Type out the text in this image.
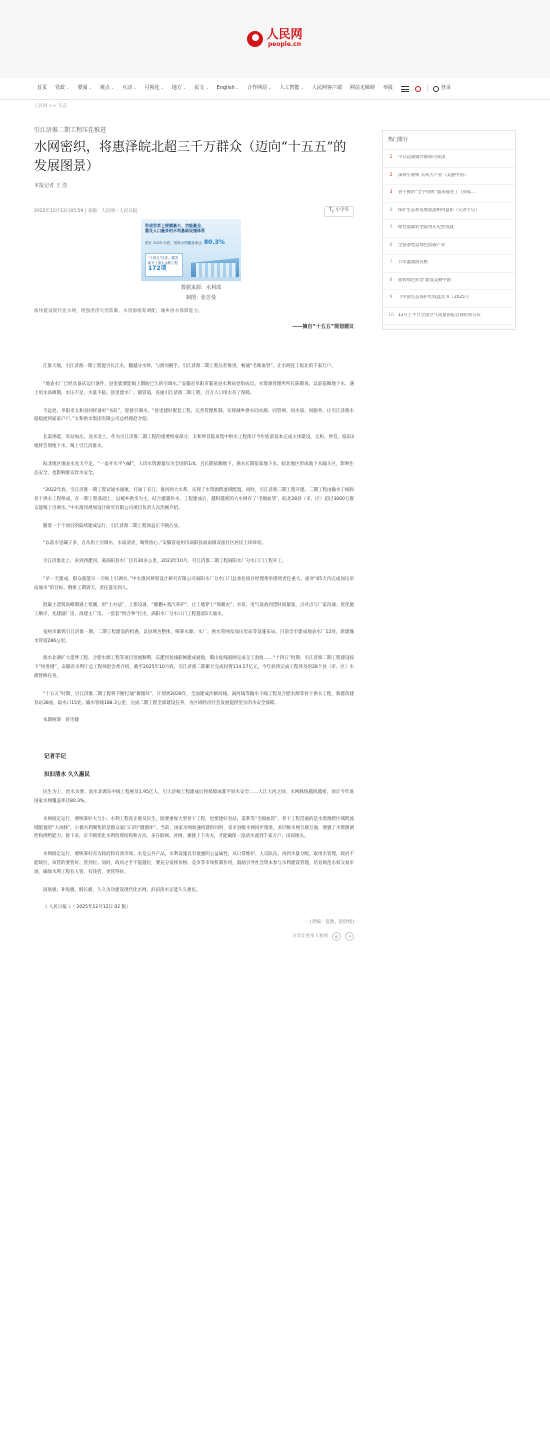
人民网
people.cn
首页	党政⌄	要闻⌄	观点⌄	互动⌄	可视化⌄	地方⌄	民文⌄	English⌄	合作网站⌄	人工智能⌄	人民网客户端	网站无障碍	举报	登录
人民网 >> 生态
引江济淮二期工程压茬推进
水网密织，将惠泽皖北超三千万群众（迈向“十五五”的发展图景）
本报记者 王 浩
2025年12月12日05:59 | 来源：人民网－人民日报	$T_T$ 小字号
形成世界上规模最大、功能最全、惠及人口最多的水利基础设施体系
预计 2025 年底，国家水网覆盖率达 80.3%
“十四五”以来，我国新开工重大水利工程
172项
数据来源：水利部
制图：张芳曼
加快建设现代化水网，增强洪涝灾害防御、水资源统筹调配、城乡供水保障能力。
——摘自“十五五”规划建议

江淮大地，引江济淮一期工程提引长江水，翻越分水岭，与淮河握手。引江济淮二期工程压茬推进，畅通“毛细血管”，让水网连上皖北的千家万户。

“地表水厂已经具备试运行条件，县里就要能喝上期盼已久的引调水。”安徽省阜阳市临泉县水利局党组成员、水资源管理所所长陈敬说。以前依赖地下水，遇上用水高峰期，水压不足、水量不稳。县里建水厂、铺管道，连通引江济淮二期工程，百万人口用水有了保障。

不远处，阜阳市太和县同样备好“水缸”，迎接引调水。“县里建好配套工程，完善管理机制，实现城乡供水同水源、同管网、同水质、同服务，让引江济淮水稳稳流到家家户户。”太和供水集团有限公司总经理赵介绍。

长渠绵延，泵站加压，送水北上。作为引江济淮二期工程的重要组成部分，太和界首临泉集中供水工程预计今年底前基本完成主体建设，太和、界首、临泉3地将告别地下水，喝上引江济淮水。

皖北地区地表水先天不足，“一壶开水半勺碱”，人均水资源量仅为全国的1/4。且长期依赖地下，供水长期依靠地下水，皖北地区形成地下水漏斗区，影响生态安全，也影响群众饮水安全。

“2022年底，引江济淮一期工程试通水通航，打通了长江、淮河两大水系，实现了水资源跨流域配置。同时，引江济淮二期工程开建。二期工程由输水干线和骨干供水工程组成，在一期工程基础上，以城乡供水为主，结合灌溉补水。工程建成后，越积越密的大水网有了‘毛细血管’，皖北28县（市、区）超过3000万群众能喝上引调水。”中水淮河规划设计研究有限公司项目负责人冯治刚介绍。

随着一个个项目的陆续建成运行，引江济淮二期工程效益正不断凸显。

“以前水里碱子多，自从用上引调水，水质清亮，喝得放心。”安徽省亳州市涡阳县涡南镇双庙社区居民王珍珍说。

引江济淮北上，来到西淝河，离涡阳县水厂还有30多公里。2023年10月，引江济淮二期工程涡阳水厂分水口门工程开工。

“早一天建成，群众就能早一天喝上引调水。”中水淮河规划设计研究有限公司涡阳水厂分水口门总承包项目经理黄举感到责任重大。面对“65天内完成加压泵站通水”的目标，倒排工期到天、责任落实到人。

混凝土浇筑高峰期遇上寒潮，用“土办法”，上新设备，“暖棚+蒸汽养护”，让工地穿上“保暖衣”；水泵、电气设备到货时间紧张，点对点与厂家沟通；优化施工顺序，先建副厂房，再建主厂房。一套套“组合拳”打出，涡阳水厂分水口门工程提前5天通水。

亳州市紧抓引江济淮一期、二期工程建设的机遇，以县域为整体，统筹水源、水厂、供水管网及加压泵站等设施布局。目前全市建成地表水厂12处，新建输水管道286公里。

淮水北调扩大延伸工程、合肥水源工程等项目进展顺利，东淝河复线船闸建成通航，蜀山复线船闸完成交工验收……“十四五”时期，引江济淮二期工程建设按下“快进键”。安徽省水利厅总工程师赵会香介绍，截至2025年10月底，引江济淮二期累计完成投资114.57亿元。今年底将完成工程涉及的28个县（市、区）水源替换任务。

“十五五”时期，引江济淮二期工程将不断打通“微循环”，计划到2028年，全面建成沙颍河线、涡河线等输水干线工程及合肥水源等骨干供水工程，新建改建泵站38座、取水口15处、输水管线188.3公里，完成二期工程全部建设任务，为区域经济社会发展提供坚实的水安全保障。

本期统筹：蒋雪婕

记者手记
汩汩清水 久久惠民

民生为上，治水为要。南水北调东中线工程惠及1.95亿人，引大济岷工程建成后将保障成都平原水安全……大江大河之间，水网脉络越织越密，预计今年底国家水网覆盖率达80.3%。

水网稳定运行，要统筹好大与小。水利工程真正惠及民生，既要重视大型骨干工程，也要建好泵站、渠系等“毛细血管”。骨干工程贯通的是水资源跨区域跨流域配置的“大动脉”，小微水利聚焦的是群众家门口的“微循环”。当前，国家水网加速构建的同时，省市县级水网同步推进，多层级水网互联互通，增强了水资源调控和供给能力。接下来，应不断优化水利投资结构和方向，多在联网、补网、强链上下功夫，才能确保一泓清水流到千家万户、田间地头。

水网稳定运行，要统筹好有为政府和有效市场。水是公共产品，水利设施具有很强的公益属性，从日常维护、人员队伍，再到水量分配、取用水管理，政府不能缺位，该管的要管好、管到位。同时，政府之手不能越位，要充分发挥价格、竞争等市场机制作用，鼓励引导社会资本参与水利建设管理，培育规范水权交易市场，确保水利工程有人管、有钱管，更管得好。

固底板、补短板、锻长板，久久为功建设现代化水网，汩汩清水定能久久惠民。

《 人民日报 》（ 2025年12月12日 02 版）

(责编：袁勃、赵欣悦)
分享让更多人看到	◎	↗
热门排行
1	今日起离婚冷静期内我国
2	深圳小教师 长成大产业（美丽中国）
3	曾不被的“全字招牌”越来越亮了（我家…
4	保护生态和发展旅游相得益彰（记者手记）
5	绿色低碳转型取得历史性成就
6	全链条塑造绿色低碳产业
7	节水灌溉润沃野
8	加快绿色转型 建设美丽中国
9	《中国生态保护红线蓝皮书（2025）》
10 12月上半月全国空气质量预报会商结果公布
